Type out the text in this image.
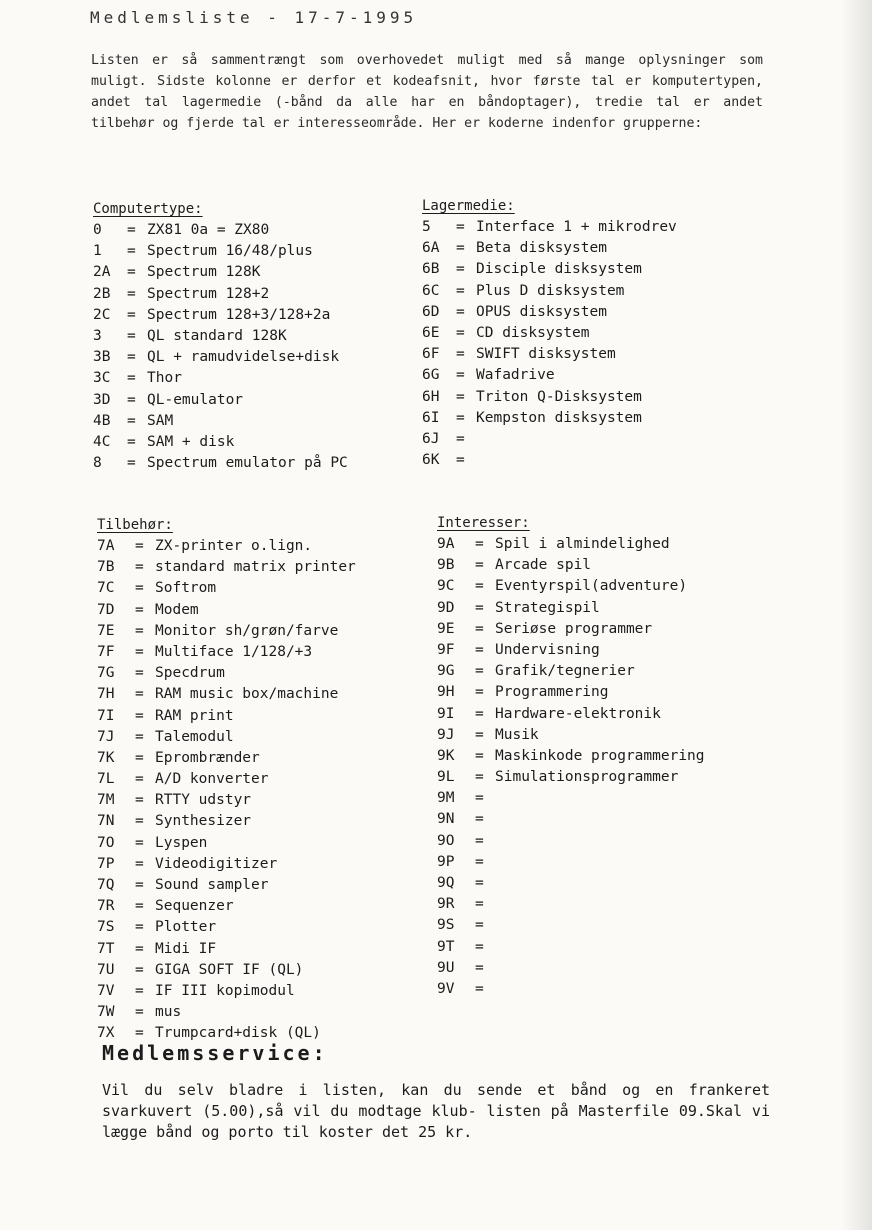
Medlemsliste - 17-7-1995

Listen er så sammentrængt som overhovedet muligt med så mange oplysninger som muligt. Sidste kolonne er derfor et kodeafsnit, hvor første tal er komputertypen, andet tal lagermedie (-bånd da alle har en båndoptager), tredie tal er andet tilbehør og fjerde tal er interesseområde. Her er koderne indenfor grupperne:

Computertype:
0	= ZX81 0a = ZX80
1	= Spectrum 16/48/plus
2A	= Spectrum 128K
2B	= Spectrum 128+2
2C	= Spectrum 128+3/128+2a
3	= QL standard 128K
3B	= QL + ramudvidelse+disk
3C	= Thor
3D	= QL-emulator
4B	= SAM
4C	= SAM + disk
8	= Spectrum emulator på PC
Lagermedie:
5	= Interface 1 + mikrodrev
6A	= Beta disksystem
6B	= Disciple disksystem
6C	= Plus D disksystem
6D	= OPUS disksystem
6E	= CD disksystem
6F	= SWIFT disksystem
6G	= Wafadrive
6H	= Triton Q-Disksystem
6I	= Kempston disksystem
6J	=
6K	=
Tilbehør:
7A	= ZX-printer o.lign.
7B	= standard matrix printer
7C	= Softrom
7D	= Modem
7E	= Monitor sh/grøn/farve
7F	= Multiface 1/128/+3
7G	= Specdrum
7H	= RAM music box/machine
7I	= RAM print
7J	= Talemodul
7K	= Eprombrænder
7L	= A/D konverter
7M	= RTTY udstyr
7N	= Synthesizer
7O	= Lyspen
7P	= Videodigitizer
7Q	= Sound sampler
7R	= Sequenzer
7S	= Plotter
7T	= Midi IF
7U	= GIGA SOFT IF (QL)
7V	= IF III kopimodul
7W	= mus
7X	= Trumpcard+disk (QL)
Interesser:
9A	= Spil i almindelighed
9B	= Arcade spil
9C	= Eventyrspil(adventure)
9D	= Strategispil
9E	= Seriøse programmer
9F	= Undervisning
9G	= Grafik/tegnerier
9H	= Programmering
9I	= Hardware-elektronik
9J	= Musik
9K	= Maskinkode programmering
9L	= Simulationsprogrammer
9M	=
9N	=
9O	=
9P	=
9Q	=
9R	=
9S	=
9T	=
9U	=
9V	=
Medlemsservice:

Vil du selv bladre i listen, kan du sende et bånd og en frankeret svarkuvert (5.00),så vil du modtage klub- listen på Masterfile 09.Skal vi lægge bånd og porto til koster det 25 kr.
